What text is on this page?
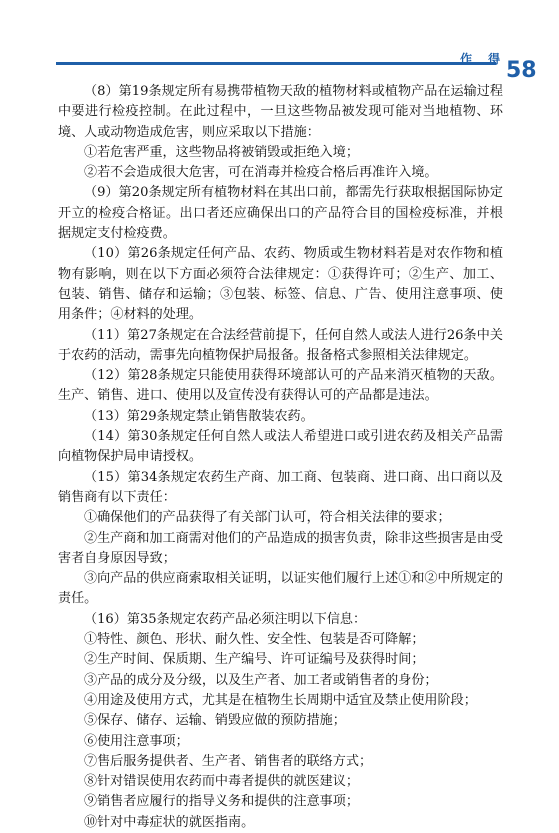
作 得 58

（8）第19条规定所有易携带植物天敌的植物材料或植物产品在运输过程中要进行检疫控制。在此过程中，一旦这些物品被发现可能对当地植物、环境、人或动物造成危害，则应采取以下措施：

①若危害严重，这些物品将被销毁或拒绝入境；

②若不会造成很大危害，可在消毒并检疫合格后再准许入境。

（9）第20条规定所有植物材料在其出口前，都需先行获取根据国际协定开立的检疫合格证。出口者还应确保出口的产品符合目的国检疫标准，并根据规定支付检疫费。

（10）第26条规定任何产品、农药、物质或生物材料若是对农作物和植物有影响，则在以下方面必须符合法律规定：①获得许可；②生产、加工、包装、销售、储存和运输；③包装、标签、信息、广告、使用注意事项、使用条件；④材料的处理。

（11）第27条规定在合法经营前提下，任何自然人或法人进行26条中关于农药的活动，需事先向植物保护局报备。报备格式参照相关法律规定。

（12）第28条规定只能使用获得环境部认可的产品来消灭植物的天敌。生产、销售、进口、使用以及宣传没有获得认可的产品都是违法。

（13）第29条规定禁止销售散装农药。

（14）第30条规定任何自然人或法人希望进口或引进农药及相关产品需向植物保护局申请授权。

（15）第34条规定农药生产商、加工商、包装商、进口商、出口商以及销售商有以下责任：

①确保他们的产品获得了有关部门认可，符合相关法律的要求；

②生产商和加工商需对他们的产品造成的损害负责，除非这些损害是由受害者自身原因导致；

③向产品的供应商索取相关证明，以证实他们履行上述①和②中所规定的责任。

（16）第35条规定农药产品必须注明以下信息：

①特性、颜色、形状、耐久性、安全性、包装是否可降解；

②生产时间、保质期、生产编号、许可证编号及获得时间；

③产品的成分及分级，以及生产者、加工者或销售者的身份；

④用途及使用方式，尤其是在植物生长周期中适宜及禁止使用阶段；

⑤保存、储存、运输、销毁应做的预防措施；

⑥使用注意事项；

⑦售后服务提供者、生产者、销售者的联络方式；

⑧针对错误使用农药而中毒者提供的就医建议；

⑨销售者应履行的指导义务和提供的注意事项；

⑩针对中毒症状的就医指南。
